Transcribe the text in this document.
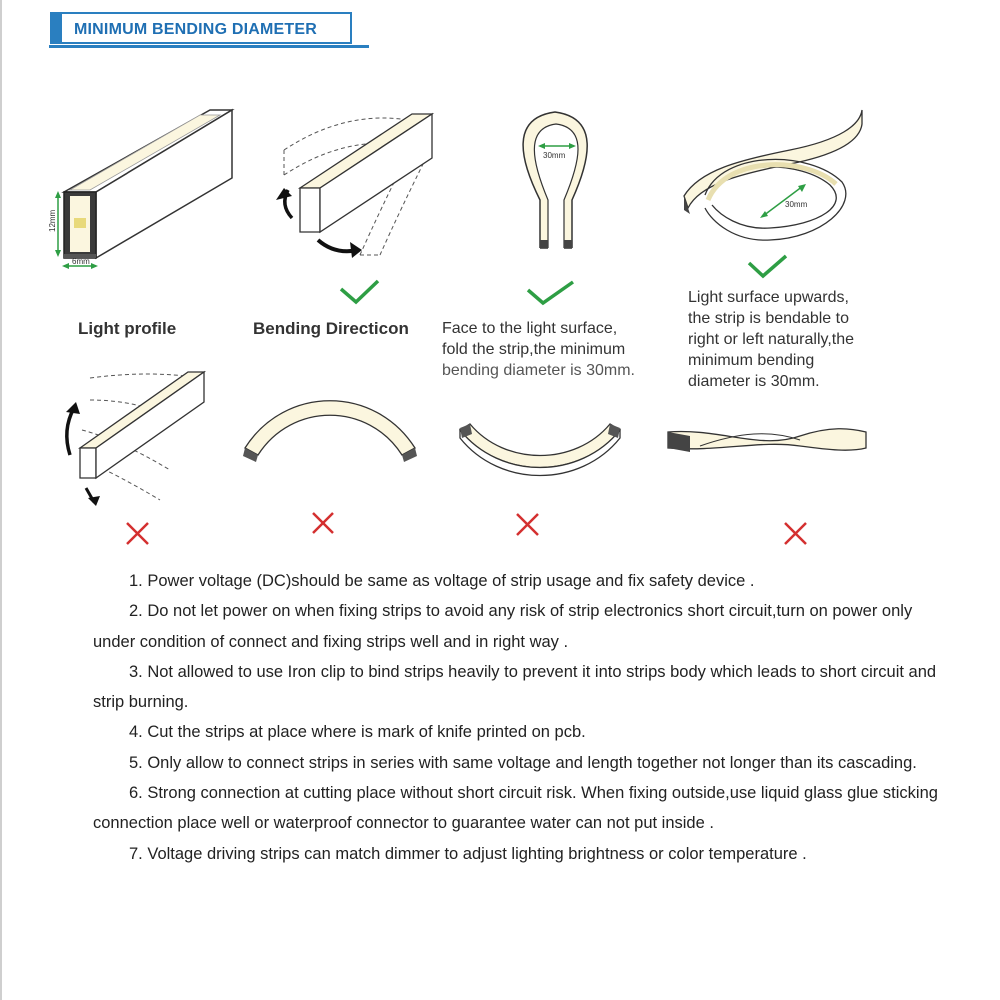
MINIMUM BENDING DIAMETER
12mm
6mm
30mm
30mm
Light profile	Bending Directicon Face to the light surface,
fold the strip,the minimum
bending diameter is 30mm.
Light surface upwards,
the strip is bendable to
right or left naturally,the
minimum bending
diameter is 30mm.

1. Power voltage (DC)should be same as voltage of strip usage and fix safety device .

2. Do not let power on when fixing strips to avoid any risk of strip electronics short circuit,turn on power only under condition of connect and fixing strips well and in right way .

3. Not allowed to use Iron clip to bind strips heavily to prevent it into strips body which leads to short circuit and strip burning.

4. Cut the strips at place where is mark of knife printed on pcb.

5. Only allow to connect strips in series with same voltage and length together not longer than its cascading.

6. Strong connection at cutting place without short circuit risk. When fixing outside,use liquid glass glue sticking connection place well or waterproof connector to guarantee water can not put inside .

7. Voltage driving strips can match dimmer to adjust lighting brightness or color temperature .
